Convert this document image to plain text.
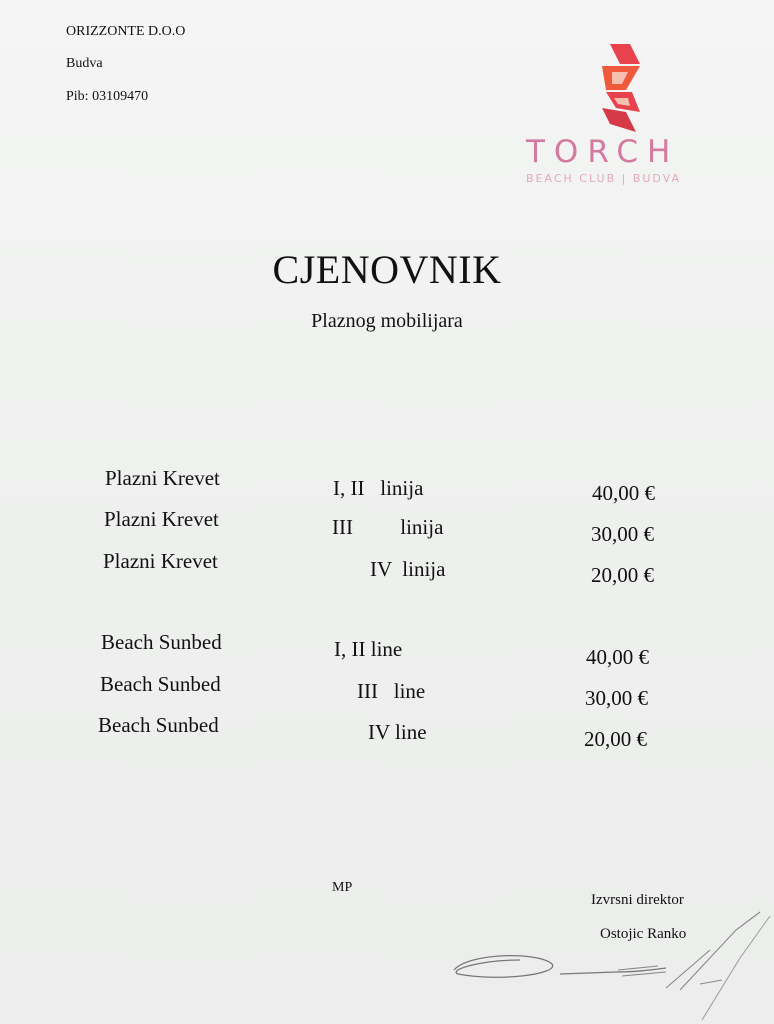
ORIZZONTE D.O.O
Budva
Pib: 03109470
TORCH
BEACH CLUB | BUDVA
CJENOVNIK
Plaznog mobilijara
Plazni Krevet	I, II   linija	40,00 €
Plazni Krevet	III         linija	30,00 €
Plazni Krevet	IV  linija	20,00 €
Beach Sunbed	I, II line	40,00 €
Beach Sunbed	III   line	30,00 €
Beach Sunbed	IV line	20,00 €
MP
Izvrsni direktor
Ostojic Ranko
